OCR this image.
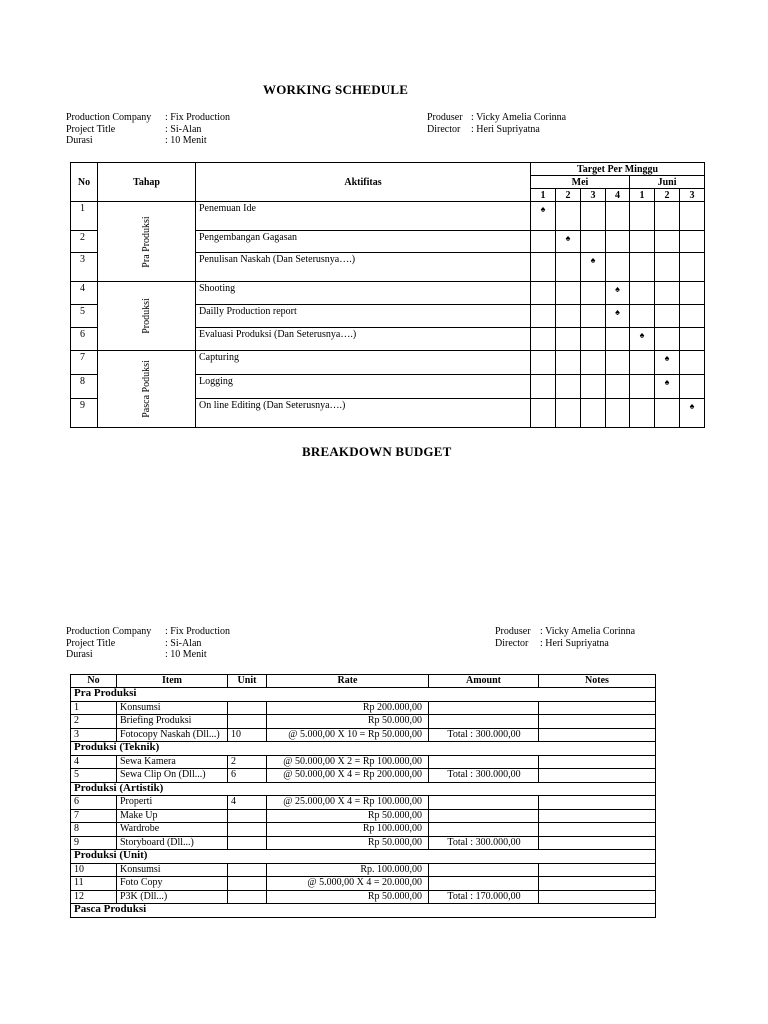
WORKING SCHEDULE
Production Company	: Fix Production
Project Title	: Si-Alan
Durasi	: 10 Menit
Produser	: Vicky Amelia Corinna
Director	: Heri Supriyatna
No	Tahap	Aktifitas	Target Per Minggu						
			Mei				Juni		
			1	2	3	4	1	2	3
1	Pra Produksi	Penemuan Ide	♠						
2		Pengembangan Gagasan		♠					
3		Penulisan Naskah (Dan Seterusnya….)			♠				
4	Produksi	Shooting				♠			
5		Dailly Production report				♠			
6		Evaluasi Produksi (Dan Seterusnya….)					♠		
7	Pasca Poduksi	Capturing						♠	
8		Logging						♠	
9		On line Editing (Dan Seterusnya….)							♠
BREAKDOWN BUDGET
Production Company	: Fix Production
Project Title	: Si-Alan
Durasi	: 10 Menit
Produser	: Vicky Amelia Corinna
Director	: Heri Supriyatna
No	Item	Unit	Rate	Amount	Notes
Pra Produksi					
1	Konsumsi		Rp 200.000,00		
2	Briefing Produksi		Rp 50.000,00		
3	Fotocopy Naskah (Dll...)	10	@ 5.000,00 X 10 = Rp 50.000,00	Total : 300.000,00	
Produksi (Teknik)					
4	Sewa Kamera	2	@ 50.000,00 X 2 = Rp 100.000,00		
5	Sewa Clip On (Dll...)	6	@ 50.000,00 X 4 = Rp 200.000,00	Total : 300.000,00	
Produksi (Artistik)					
6	Properti	4	@ 25.000,00 X 4 = Rp 100.000,00		
7	Make Up		Rp 50.000,00		
8	Wardrobe		Rp 100.000,00		
9	Storyboard (Dll...)		Rp 50.000,00	Total : 300.000,00	
Produksi (Unit)					
10	Konsumsi		Rp. 100.000,00		
11	Foto Copy		@ 5.000,00 X 4 = 20.000,00		
12	P3K (Dll...)		Rp 50.000,00	Total : 170.000,00	
Pasca Produksi					
